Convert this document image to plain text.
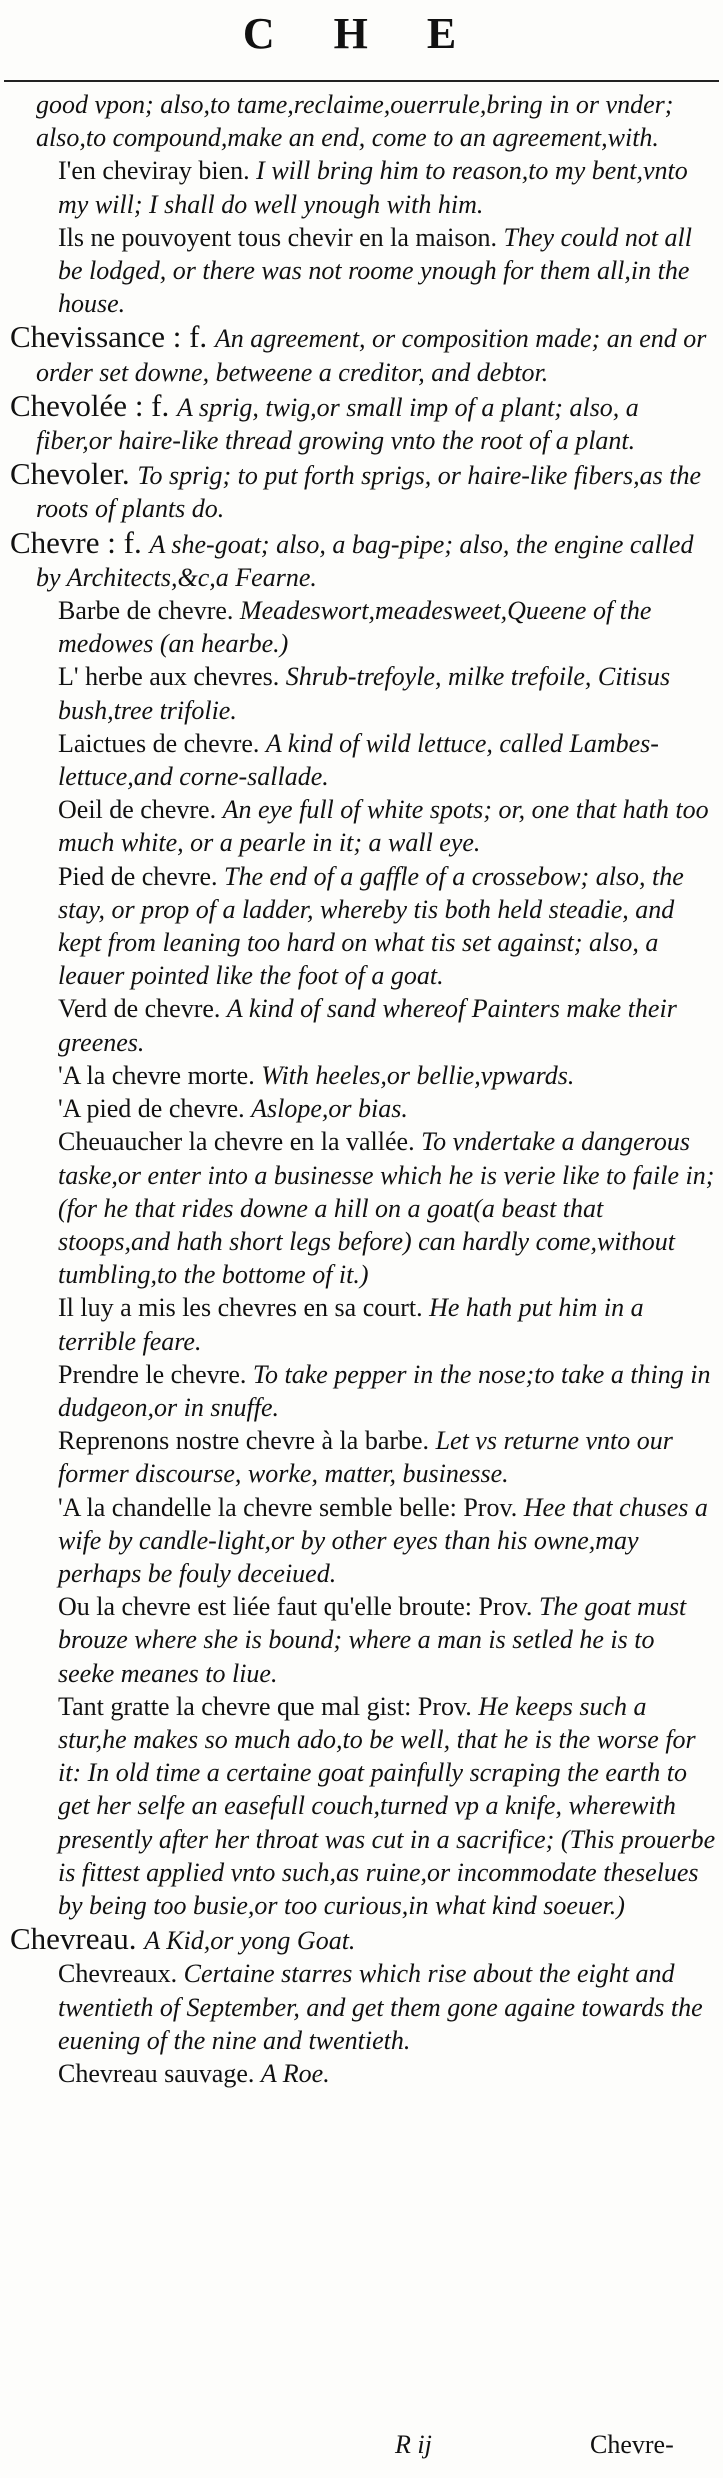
C H E

good vpon; also,to tame,reclaime,ouerrule,bring in or vnder; also,to compound,make an end, come to an agreement,with.

I'en cheviray bien. I will bring him to reason,to my bent,vnto my will; I shall do well ynough with him.

Ils ne pouvoyent tous chevir en la maison. They could not all be lodged, or there was not roome ynough for them all,in the house.

Chevissance : f. An agreement, or composition made; an end or order set downe, betweene a creditor, and debtor.

Chevolée : f. A sprig, twig,or small imp of a plant; also, a fiber,or haire-like thread growing vnto the root of a plant.

Chevoler. To sprig; to put forth sprigs, or haire-like fibers,as the roots of plants do.

Chevre : f. A she-goat; also, a bag-pipe; also, the engine called by Architects,&c,a Fearne.

Barbe de chevre. Meadeswort,meadesweet,Queene of the medowes (an hearbe.)

L' herbe aux chevres. Shrub-trefoyle, milke trefoile, Citisus bush,tree trifolie.

Laictues de chevre. A kind of wild lettuce, called Lambes-lettuce,and corne-sallade.

Oeil de chevre. An eye full of white spots; or, one that hath too much white, or a pearle in it; a wall eye.

Pied de chevre. The end of a gaffle of a crossebow; also, the stay, or prop of a ladder, whereby tis both held steadie, and kept from leaning too hard on what tis set against; also, a leauer pointed like the foot of a goat.

Verd de chevre. A kind of sand whereof Painters make their greenes.

'A la chevre morte. With heeles,or bellie,vpwards.

'A pied de chevre. Aslope,or bias.

Cheuaucher la chevre en la vallée. To vndertake a dangerous taske,or enter into a businesse which he is verie like to faile in; (for he that rides downe a hill on a goat(a beast that stoops,and hath short legs before) can hardly come,without tumbling,to the bottome of it.)

Il luy a mis les chevres en sa court. He hath put him in a terrible feare.

Prendre le chevre. To take pepper in the nose;to take a thing in dudgeon,or in snuffe.

Reprenons nostre chevre à la barbe. Let vs returne vnto our former discourse, worke, matter, businesse.

'A la chandelle la chevre semble belle: Prov. Hee that chuses a wife by candle-light,or by other eyes than his owne,may perhaps be fouly deceiued.

Ou la chevre est liée faut qu'elle broute: Prov. The goat must brouze where she is bound; where a man is setled he is to seeke meanes to liue.

Tant gratte la chevre que mal gist: Prov. He keeps such a stur,he makes so much ado,to be well, that he is the worse for it: In old time a certaine goat painfully scraping the earth to get her selfe an easefull couch,turned vp a knife, wherewith presently after her throat was cut in a sacrifice; (This prouerbe is fittest applied vnto such,as ruine,or incommodate theselues by being too busie,or too curious,in what kind soeuer.)

Chevreau. A Kid,or yong Goat.

Chevreaux. Certaine starres which rise about the eight and twentieth of September, and get them gone againe towards the euening of the nine and twentieth.

Chevreau sauvage. A Roe.

R ij	Chevre-
